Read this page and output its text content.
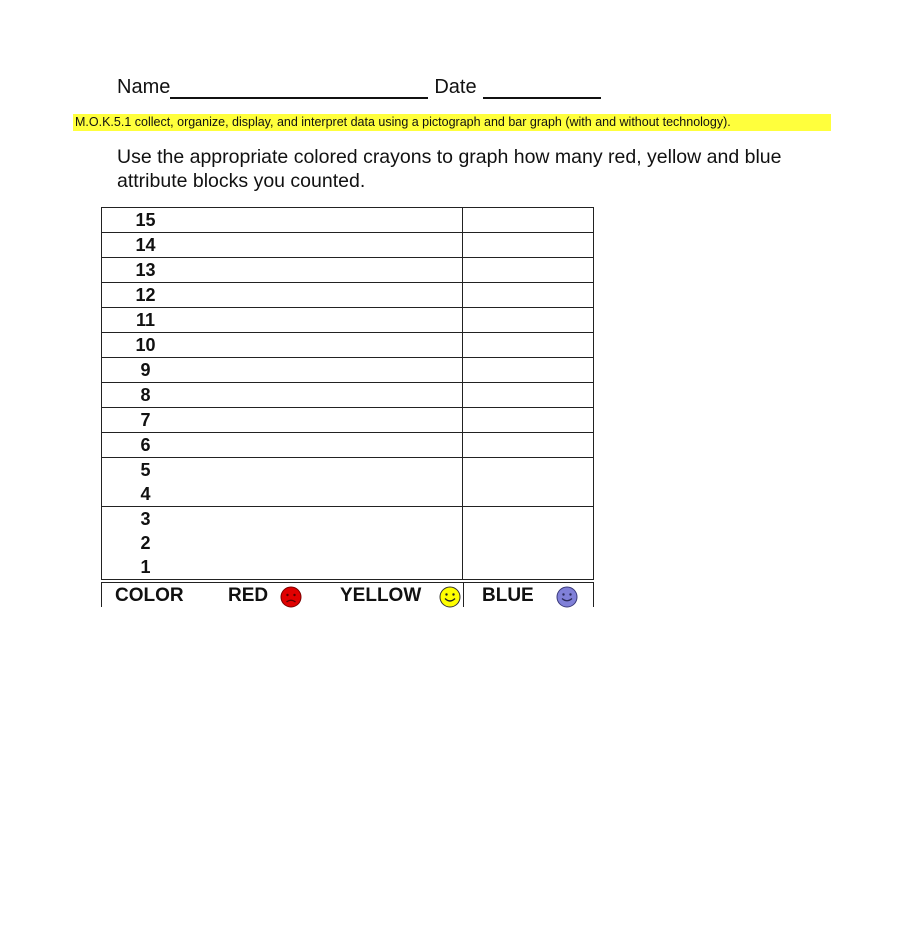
Name	Date
M.O.K.5.1 collect, organize, display, and interpret data using a pictograph and bar graph (with and without technology).
Use the appropriate colored crayons to graph how many red, yellow and blue attribute blocks you counted.
15	
14	
13	
12	
11	
10	
9	
8	
7	
6	
5	
4	
3	
2	
1	
COLOR RED	YELLOW	BLUE
